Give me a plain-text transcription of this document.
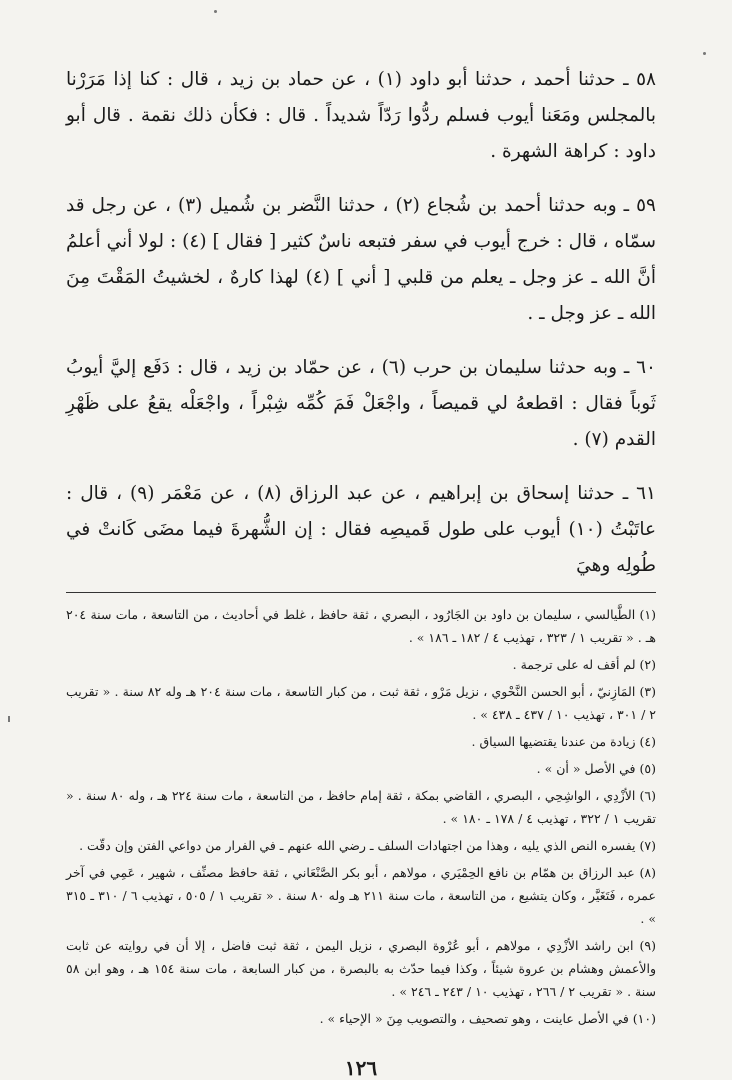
٥٨ ـ حدثنا أحمد ، حدثنا أبو داود (١) ، عن حماد بن زيد ، قال : كنا إذا مَرَرْنا بالمجلس ومَعَنا أيوب فسلم ردُّوا رَدّاً شديداً . قال : فكأن ذلك نقمة . قال أبو داود : كراهة الشهرة .

٥٩ ـ وبه حدثنا أحمد بن شُجاع (٢) ، حدثنا النَّضر بن شُميل (٣) ، عن رجل قد سمّاه ، قال : خرج أيوب في سفر فتبعه ناسٌ كثير [ فقال ] (٤) : لولا أني أعلمُ أنَّ الله ـ عز وجل ـ يعلم من قلبي [ أني ] (٤) لهذا كارهٌ ، لخشيتُ المَقْتَ مِنَ الله ـ عز وجل ـ .

٦٠ ـ وبه حدثنا سليمان بن حرب (٦) ، عن حمّاد بن زيد ، قال : دَفَع إليَّ أيوبُ ثَوباً فقال : اقطعهُ لي قميصاً ، واجْعَلْ فَمَ كُمِّه شِبْراً ، واجْعَلْه يقعُ على ظَهْرِ القدم (٧) .

٦١ ـ حدثنا إسحاق بن إبراهيم ، عن عبد الرزاق (٨) ، عن مَعْمَر (٩) ، قال : عاتَبْتُ (١٠) أيوب على طول قَميصِه فقال : إن الشُّهرةَ فيما مضَى كَانتْ في طُولِه وهيَ

(١) الطَّيالسي ، سليمان بن داود بن الجَارُود ، البصري ، ثقة حافظ ، غلط في أحاديث ، من التاسعة ، مات سنة ٢٠٤ هـ . « تقريب ١ / ٣٢٣ ، تهذيب ٤ / ١٨٢ ـ ١٨٦ » .

(٢) لم أقف له على ترجمة .

(٣) المَازِنيّ ، أبو الحسن النَّحْوي ، نزيل مَرْو ، ثقة ثبت ، من كبار التاسعة ، مات سنة ٢٠٤ هـ وله ٨٢ سنة . « تقريب ٢ / ٣٠١ ، تهذيب ١٠ / ٤٣٧ ـ ٤٣٨ » .

(٤) زيادة من عندنا يقتضيها السياق .

(٥) في الأصل « أن » .

(٦) الأزْدِي ، الواشِحِي ، البصري ، القاضي بمكة ، ثقة إمام حافظ ، من التاسعة ، مات سنة ٢٢٤ هـ ، وله ٨٠ سنة . « تقريب ١ / ٣٢٢ ، تهذيب ٤ / ١٧٨ ـ ١٨٠ » .

(٧) يفسره النص الذي يليه ، وهذا من اجتهادات السلف ـ رضي الله عنهم ـ في الفرار من دواعي الفتن وإن دقّت .

(٨) عبد الرزاق بن همّام بن نافع الحِمْيَري ، مولاهم ، أبو بكر الصَّنْعَاني ، ثقة حافظ مصنِّف ، شهير ، عَمِي في آخر عمره ، فَتَغَيَّر ، وكان يتشيع ، من التاسعة ، مات سنة ٢١١ هـ وله ٨٠ سنة . « تقريب ١ / ٥٠٥ ، تهذيب ٦ / ٣١٠ ـ ٣١٥ » .

(٩) ابن راشد الأزْدِي ، مولاهم ، أبو عُرْوة البصري ، نزيل اليمن ، ثقة ثبت فاضل ، إلا أن في روايته عن ثابت والأعمش وهشام بن عروة شيئاً ، وكذا فيما حدّث به بالبصرة ، من كبار السابعة ، مات سنة ١٥٤ هـ ، وهو ابن ٥٨ سنة . « تقريب ٢ / ٢٦٦ ، تهذيب ١٠ / ٢٤٣ ـ ٢٤٦ » .

(١٠) في الأصل عاينت ، وهو تصحيف ، والتصويب مِنَ « الإحياء » .

١٢٦
